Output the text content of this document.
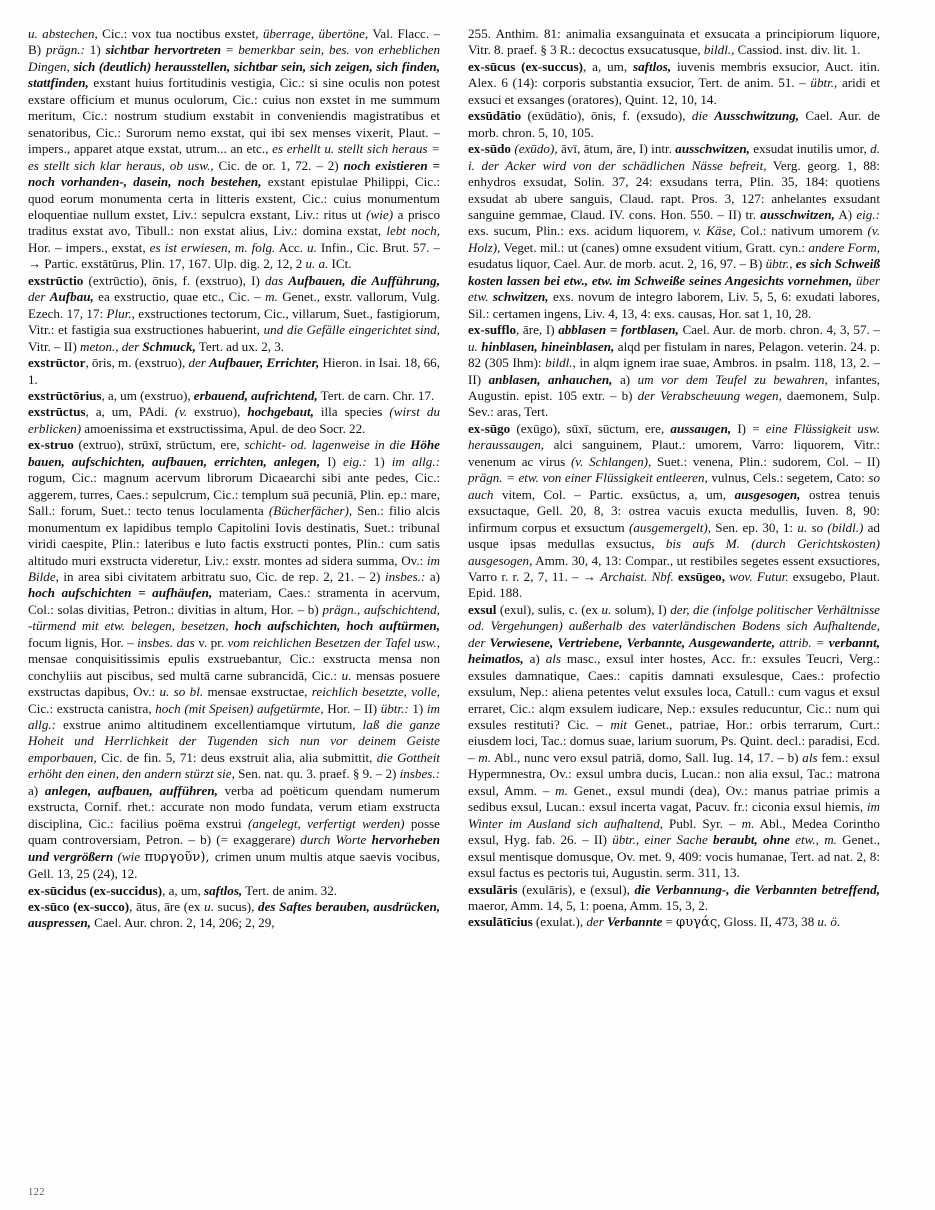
u. abstechen, Cic.: vox tua noctibus exstet, überrage, übertöne, Val. Flacc. – B) prägn.: 1) sichtbar hervortreten = bemerkbar sein, bes. von erheblichen Dingen, sich (deutlich) herausstellen, sichtbar sein, sich zeigen, sich finden, stattfinden, exstant huius fortitudinis vestigia, Cic.: si sine oculis non potest exstare officium et munus oculorum, Cic.: cuius non exstet in me summum meritum, Cic.: nostrum studium exstabit in conveniendis magistratibus et senatoribus, Cic.: Surorum nemo exstat, qui ibi sex menses vixerit, Plaut. – impers., apparet atque exstat, utrum... an etc., es erhellt u. stellt sich heraus = es stellt sich klar heraus, ob usw., Cic. de or. 1, 72. – 2) noch existieren = noch vorhanden-, dasein, noch bestehen, exstant epistulae Philippi, Cic.: quod eorum monumenta certa in litteris exstent, Cic.: cuius monumentum eloquentiae nullum exstet, Liv.: sepulcra exstant, Liv.: ritus ut (wie) a prisco traditus exstat avo, Tibull.: non exstat alius, Liv.: domina exstat, lebt noch, Hor. – impers., exstat, es ist erwiesen, m. folg. Acc. u. Infin., Cic. Brut. 57. – → Partic. exstātūrus, Plin. 17, 167. Ulp. dig. 2, 12, 2 u. a. ICt.

exstrūctio (extrūctio), ōnis, f. (exstruo), I) das Aufbauen, die Aufführung, der Aufbau, ea exstructio, quae etc., Cic. – m. Genet., exstr. vallorum, Vulg. Ezech. 17, 17: Plur., exstructiones tectorum, Cic., villarum, Suet., fastigiorum, Vitr.: et fastigia sua exstructiones habuerint, und die Gefälle eingerichtet sind, Vitr. – II) meton., der Schmuck, Tert. ad ux. 2, 3.

exstrūctor, ōris, m. (exstruo), der Aufbauer, Errichter, Hieron. in Isai. 18, 66, 1.

exstrūctōrius, a, um (exstruo), erbauend, aufrichtend, Tert. de carn. Chr. 17.

exstrūctus, a, um, PAdi. (v. exstruo), hochgebaut, illa species (wirst du erblicken) amoenissima et exstructissima, Apul. de deo Socr. 22.

ex-struo (extruo), strūxī, strūctum, ere, schicht- od. lagenweise in die Höhe bauen, aufschichten, aufbauen, errichten, anlegen, I) eig.: 1) im allg.: rogum, Cic.: magnum acervum librorum Dicaearchi sibi ante pedes, Cic.: aggerem, turres, Caes.: sepulcrum, Cic.: templum suā pecuniā, Plin. ep.: mare, Sall.: forum, Suet.: tecto tenus loculamenta (Bücherfächer), Sen.: filio alcis monumentum ex lapidibus templo Capitolini Iovis destinatis, Suet.: tribunal viridi caespite, Plin.: lateribus e luto factis exstructi pontes, Plin.: cum satis altitudo muri exstructa videretur, Liv.: exstr. montes ad sidera summa, Ov.: im Bilde, in area sibi civitatem arbitratu suo, Cic. de rep. 2, 21. – 2) insbes.: a) hoch aufschichten = aufhäufen, materiam, Caes.: stramenta in acervum, Col.: solas divitias, Petron.: divitias in altum, Hor. – b) prägn., aufschichtend, -türmend mit etw. belegen, besetzen, hoch aufschichten, hoch auftürmen, focum lignis, Hor. – insbes. das v. pr. vom reichlichen Besetzen der Tafel usw., mensae conquisitissimis epulis exstruebantur, Cic.: exstructa mensa non conchyliis aut piscibus, sed multā carne subrancidā, Cic.: u. mensas posuere exstructas dapibus, Ov.: u. so bl. mensae exstructae, reichlich besetzte, volle, Cic.: exstructa canistra, hoch (mit Speisen) aufgetürmte, Hor. – II) übtr.: 1) im allg.: exstrue animo altitudinem excellentiamque virtutum, laß die ganze Hoheit und Herrlichkeit der Tugenden sich nun vor deinem Geiste emporbauen, Cic. de fin. 5, 71: deus exstruit alia, alia submittit, die Gottheit erhöht den einen, den andern stürzt sie, Sen. nat. qu. 3. praef. § 9. – 2) insbes.: a) anlegen, aufbauen, aufführen, verba ad poëticum quendam numerum exstructa, Cornif. rhet.: accurate non modo fundata, verum etiam exstructa disciplina, Cic.: facilius poëma exstrui (angelegt, verfertigt werden) posse quam controversiam, Petron. – b) (= exaggerare) durch Worte hervorheben und vergrößern (wie πυργοῦν), crimen unum multis atque saevis vocibus, Gell. 13, 25 (24), 12.

ex-sūcidus (ex-succidus), a, um, saftlos, Tert. de anim. 32.

ex-sūco (ex-succo), ātus, āre (ex u. sucus), des Saftes berauben, ausdrücken, auspressen, Cael. Aur. chron. 2, 14, 206; 2, 29,

255. Anthim. 81: animalia exsanguinata et exsucata a principiorum liquore, Vitr. 8. praef. § 3 R.: decoctus exsucatusque, bildl., Cassiod. inst. div. lit. 1.

ex-sūcus (ex-succus), a, um, saftlos, iuvenis membris exsucior, Auct. itin. Alex. 6 (14): corporis substantia exsucior, Tert. de anim. 51. – übtr., aridi et exsuci et exsanges (oratores), Quint. 12, 10, 14.

exsūdātio (exūdātio), ōnis, f. (exsudo), die Ausschwitzung, Cael. Aur. de morb. chron. 5, 10, 105.

ex-sūdo (exūdo), āvī, ātum, āre, I) intr. ausschwitzen, exsudat inutilis umor, d. i. der Acker wird von der schädlichen Nässe befreit, Verg. georg. 1, 88: enhydros exsudat, Solin. 37, 24: exsudans terra, Plin. 35, 184: quotiens exsudat ab ubere sanguis, Claud. rapt. Pros. 3, 127: anhelantes exsudant sanguine gemmae, Claud. IV. cons. Hon. 550. – II) tr. ausschwitzen, A) eig.: exs. sucum, Plin.: exs. acidum liquorem, v. Käse, Col.: nativum umorem (v. Holz), Veget. mil.: ut (canes) omne exsudent vitium, Gratt. cyn.: andere Form, esudatus liquor, Cael. Aur. de morb. acut. 2, 16, 97. – B) übtr., es sich Schweiß kosten lassen bei etw., etw. im Schweiße seines Angesichts vornehmen, über etw. schwitzen, exs. novum de integro laborem, Liv. 5, 5, 6: exudati labores, Sil.: certamen ingens, Liv. 4, 13, 4: exs. causas, Hor. sat 1, 10, 28.

ex-sufflo, āre, I) abblasen = fortblasen, Cael. Aur. de morb. chron. 4, 3, 57. – u. hinblasen, hineinblasen, alqd per fistulam in nares, Pelagon. veterin. 24. p. 82 (305 Ihm): bildl., in alqm ignem irae suae, Ambros. in psalm. 118, 13, 2. – II) anblasen, anhauchen, a) um vor dem Teufel zu bewahren, infantes, Augustin. epist. 105 extr. – b) der Verabscheuung wegen, daemonem, Sulp. Sev.: aras, Tert.

ex-sūgo (exūgo), sūxī, sūctum, ere, aussaugen, I) = eine Flüssigkeit usw. heraussaugen, alci sanguinem, Plaut.: umorem, Varro: liquorem, Vitr.: venenum ac virus (v. Schlangen), Suet.: venena, Plin.: sudorem, Col. – II) prägn. = etw. von einer Flüssigkeit entleeren, vulnus, Cels.: segetem, Cato: so auch vitem, Col. – Partic. exsūctus, a, um, ausgesogen, ostrea tenuis exsuctaque, Gell. 20, 8, 3: ostrea vacuis exucta medullis, Iuven. 8, 90: infirmum corpus et exsuctum (ausgemergelt), Sen. ep. 30, 1: u. so (bildl.) ad usque ipsas medullas exsuctus, bis aufs M. (durch Gerichtskosten) ausgesogen, Amm. 30, 4, 13: Compar., ut restibiles segetes essent exsuctiores, Varro r. r. 2, 7, 11. – → Archaist. Nbf. exsūgeo, wov. Futur. exsugebo, Plaut. Epid. 188.

exsul (exul), sulis, c. (ex u. solum), I) der, die (infolge politischer Verhältnisse od. Vergehungen) außerhalb des vaterländischen Bodens sich Aufhaltende, der Verwiesene, Vertriebene, Verbannte, Ausgewanderte, attrib. = verbannt, heimatlos, a) als masc., exsul inter hostes, Acc. fr.: exsules Teucri, Verg.: exsules damnatique, Caes.: capitis damnati exsulesque, Caes.: profectio exsulum, Nep.: aliena petentes velut exsules loca, Catull.: cum vagus et exsul erraret, Cic.: alqm exsulem iudicare, Nep.: exsules reducuntur, Cic.: num qui exsules restituti? Cic. – mit Genet., patriae, Hor.: orbis terrarum, Curt.: eiusdem loci, Tac.: domus suae, larium suorum, Ps. Quint. decl.: paradisi, Ecd. – m. Abl., nunc vero exsul patriā, domo, Sall. Iug. 14, 17. – b) als fem.: exsul Hypermnestra, Ov.: exsul umbra ducis, Lucan.: non alia exsul, Tac.: matrona exsul, Amm. – m. Genet., exsul mundi (dea), Ov.: manus patriae primis a sedibus exsul, Lucan.: exsul incerta vagat, Pacuv. fr.: ciconia exsul hiemis, im Winter im Ausland sich aufhaltend, Publ. Syr. – m. Abl., Medea Corintho exsul, Hyg. fab. 26. – II) übtr., einer Sache beraubt, ohne etw., m. Genet., exsul mentisque domusque, Ov. met. 9, 409: vocis humanae, Tert. ad nat. 2, 8: exsul factus es pectoris tui, Augustin. serm. 311, 13.

exsulāris (exulāris), e (exsul), die Verbannung-, die Verbannten betreffend, maeror, Amm. 14, 5, 1: poena, Amm. 15, 3, 2.

exsulātīcius (exulat.), der Verbannte = φυγάς, Gloss. II, 473, 38 u. ö.

122
